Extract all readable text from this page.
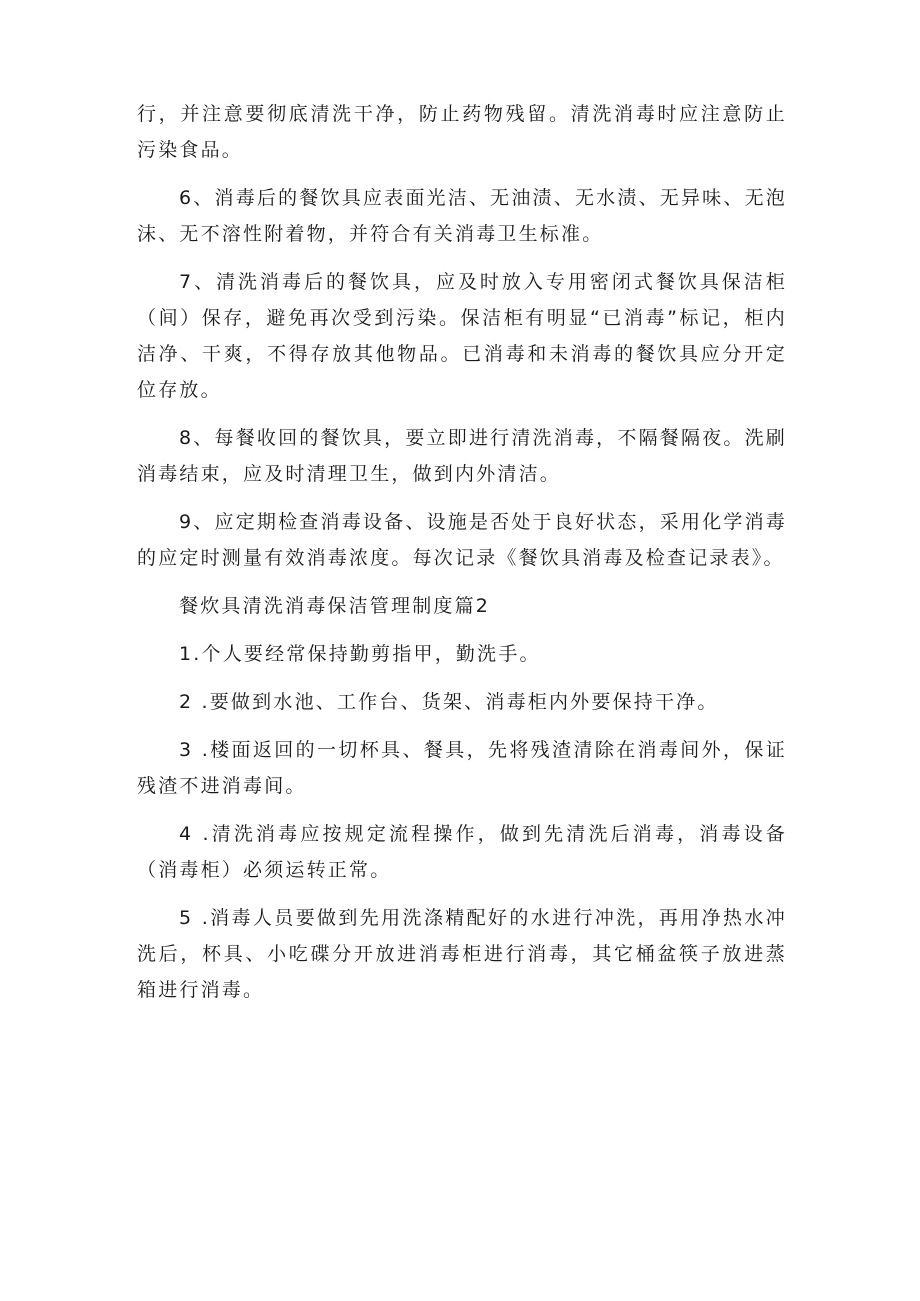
行，并注意要彻底清洗干净，防止药物残留。清洗消毒时应注意防止污染食品。

6、消毒后的餐饮具应表面光洁、无油渍、无水渍、无异味、无泡沫、无不溶性附着物，并符合有关消毒卫生标准。

7、清洗消毒后的餐饮具，应及时放入专用密闭式餐饮具保洁柜（间）保存，避免再次受到污染。保洁柜有明显“已消毒”标记，柜内洁净、干爽，不得存放其他物品。已消毒和未消毒的餐饮具应分开定位存放。

8、每餐收回的餐饮具，要立即进行清洗消毒，不隔餐隔夜。洗刷消毒结束，应及时清理卫生，做到内外清洁。

9、应定期检查消毒设备、设施是否处于良好状态，采用化学消毒的应定时测量有效消毒浓度。每次记录《餐饮具消毒及检查记录表》。

餐炊具清洗消毒保洁管理制度篇2

1.个人要经常保持勤剪指甲，勤洗手。

2 .要做到水池、工作台、货架、消毒柜内外要保持干净。

3 .楼面返回的一切杯具、餐具，先将残渣清除在消毒间外，保证残渣不进消毒间。

4 .清洗消毒应按规定流程操作，做到先清洗后消毒，消毒设备（消毒柜）必须运转正常。

5 .消毒人员要做到先用洗涤精配好的水进行冲洗，再用净热水冲洗后，杯具、小吃碟分开放进消毒柜进行消毒，其它桶盆筷子放进蒸箱进行消毒。
